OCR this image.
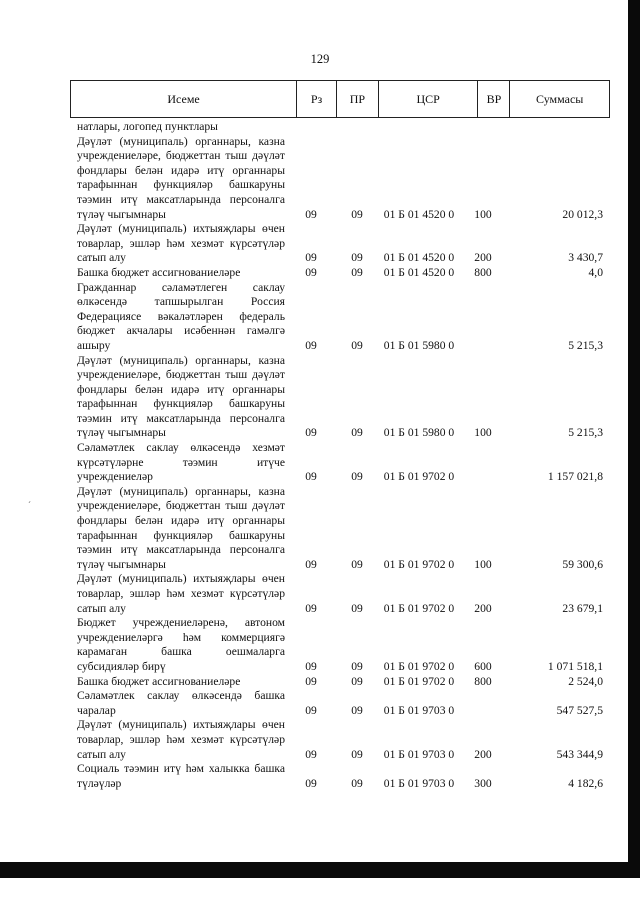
129
Исеме	Рз	ПР	ЦСР	ВР	Суммасы
натлары, логопед пунктлары					
Дәүләт (муниципаль) органнары, казна учреждениеләре, бюджеттан тыш дәүләт фондлары белән идарә итү органнары тарафыннан функцияләр башкаруны тәэмин итү максатларында персоналга түләү чыгымнары	09	09	01 Б 01 4520 0	100	20 012,3
Дәүләт (муниципаль) ихтыяҗлары өчен товарлар, эшләр һәм хезмәт күрсәтүләр сатып алу	09	09	01 Б 01 4520 0	200	3 430,7
Башка бюджет ассигнованиеләре	09	09	01 Б 01 4520 0	800	4,0
Гражданнар сәламәтлеген саклау өлкәсендә тапшырылган Россия Федерациясе вәкаләтләрен федераль бюджет акчалары исәбеннән гамәлгә ашыру	09	09	01 Б 01 5980 0		5 215,3
Дәүләт (муниципаль) органнары, казна учреждениеләре, бюджеттан тыш дәүләт фондлары белән идарә итү органнары тарафыннан функцияләр башкаруны тәэмин итү максатларында персоналга түләү чыгымнары	09	09	01 Б 01 5980 0	100	5 215,3
Сәламәтлек саклау өлкәсендә хезмәт күрсәтүләрне тәэмин итүче учреждениеләр	09	09	01 Б 01 9702 0		1 157 021,8
Дәүләт (муниципаль) органнары, казна учреждениеләре, бюджеттан тыш дәүләт фондлары белән идарә итү органнары тарафыннан функцияләр башкаруны тәэмин итү максатларында персоналга түләү чыгымнары	09	09	01 Б 01 9702 0	100	59 300,6
Дәүләт (муниципаль) ихтыяҗлары өчен товарлар, эшләр һәм хезмәт күрсәтүләр сатып алу	09	09	01 Б 01 9702 0	200	23 679,1
Бюджет учреждениеләренә, автоном учреждениеләргә һәм коммерциягә карамаган башка оешмаларга субсидияләр бирү	09	09	01 Б 01 9702 0	600	1 071 518,1
Башка бюджет ассигнованиеләре	09	09	01 Б 01 9702 0	800	2 524,0
Сәламәтлек саклау өлкәсендә башка чаралар	09	09	01 Б 01 9703 0		547 527,5
Дәүләт (муниципаль) ихтыяҗлары өчен товарлар, эшләр һәм хезмәт күрсәтүләр сатып алу	09	09	01 Б 01 9703 0	200	543 344,9
Социаль тәэмин итү һәм халыкка башка түләүләр	09	09	01 Б 01 9703 0	300	4 182,6
´
